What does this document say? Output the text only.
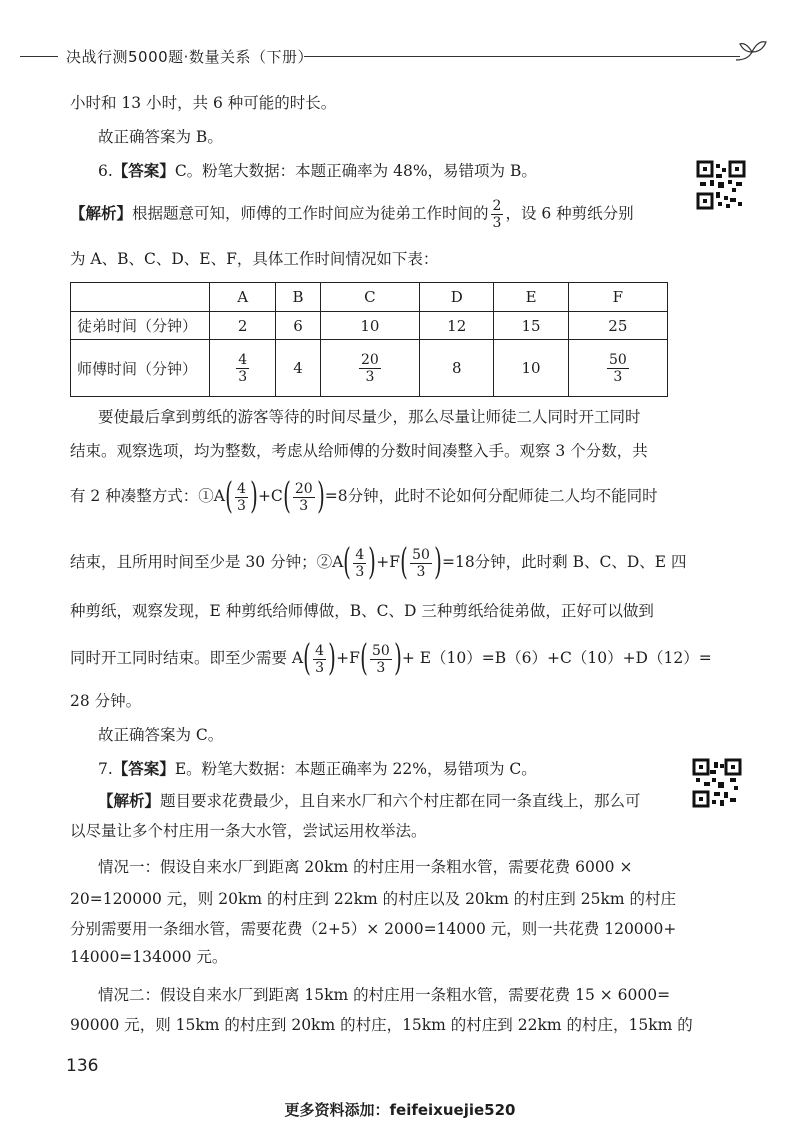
决战行测5000题·数量关系（下册）
小时和 13 小时，共 6 种可能的时长。
故正确答案为 B。
6.【答案】C。粉笔大数据：本题正确率为 48%，易错项为 B。
【解析】根据题意可知，师傅的工作时间应为徒弟工作时间的 $\frac{2}{3}$ ，设 6 种剪纸分别
为 A、B、C、D、E、F，具体工作时间情况如下表：
	A	B	C	D	E	F
徒弟时间（分钟）	2	6	10	12	15	25
师傅时间（分钟）	$\frac{4}{3}$	4	$\frac{20}{3}$	8	10	$\frac{50}{3}$
要使最后拿到剪纸的游客等待的时间尽量少，那么尽量让师徒二人同时开工同时
结束。观察选项，均为整数，考虑从给师傅的分数时间凑整入手。观察 3 个分数，共
有 2 种凑整方式：①A( $\frac{4}{3} )+C( \frac{20}{3} )=8$分钟，此时不论如何分配师徒二人均不能同时
结束，且所用时间至少是 30 分钟；②A( $\frac{4}{3} )+F( \frac{50}{3} )=18$分钟，此时剩 B、C、D、E 四
种剪纸，观察发现，E 种剪纸给师傅做，B、C、D 三种剪纸给徒弟做，正好可以做到
同时开工同时结束。即至少需要 $A( \frac{4}{3} )+F( \frac{50}{3}$ )+ E（10）=B（6）+C（10）+D（12）=
28 分钟。
故正确答案为 C。
7.【答案】E。粉笔大数据：本题正确率为 22%，易错项为 C。
【解析】题目要求花费最少，且自来水厂和六个村庄都在同一条直线上，那么可
以尽量让多个村庄用一条大水管，尝试运用枚举法。
情况一：假设自来水厂到距离 20km 的村庄用一条粗水管，需要花费 6000 ×
20=120000 元，则 20km 的村庄到 22km 的村庄以及 20km 的村庄到 25km 的村庄
分别需要用一条细水管，需要花费（2+5）× 2000=14000 元，则一共花费 120000+
14000=134000 元。
情况二：假设自来水厂到距离 15km 的村庄用一条粗水管，需要花费 15 × 6000=
90000 元，则 15km 的村庄到 20km 的村庄，15km 的村庄到 22km 的村庄，15km 的
136
更多资料添加：feifeixuejie520
